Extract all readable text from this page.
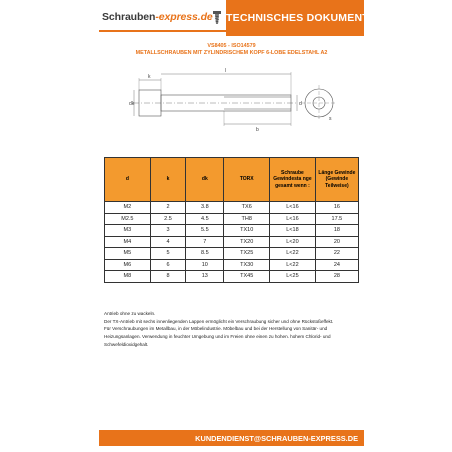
Schrauben-express.de TECHNISCHES DOKUMENT
VS8405 - ISO14579
METALLSCHRAUBEN MIT ZYLINDRISCHEM KOPF 6-LOBE EDELSTAHL A2
k
l
b
dk	d
s
d	k	dk	TORX	Schraube Gewindesta nge gesamt wenn :	Länge Gewinde (Gewinde Teilweise)
M2	2	3.8	TX6	L<16	16
M2.5	2.5	4.5	TH8	L<16	17.5
M3	3	5.5	TX10	L<18	18
M4	4	7	TX20	L<20	20
M5	5	8.5	TX25	L<22	22
M6	6	10	TX30	L<22	24
M8	8	13	TX45	L<25	28

Antrieb ohne zu wackeln.

Der TX-Antrieb mit sechs innenliegenden Lappen ermöglicht ein Verschraubung sicher und ohne Rückstoßeffekt.

Für Verschraubungen im Metallbau, in der Möbelindustrie. Möbelbau und bei der Herstellung von Sanitär- und Heizungsanlagen. Verwendung in feuchter Umgebung und im Freien ohne einen zu hohen. hohem Chlorid- und Schwefeldioxidgehalt.

KUNDENDIENST@SCHRAUBEN-EXPRESS.DE
